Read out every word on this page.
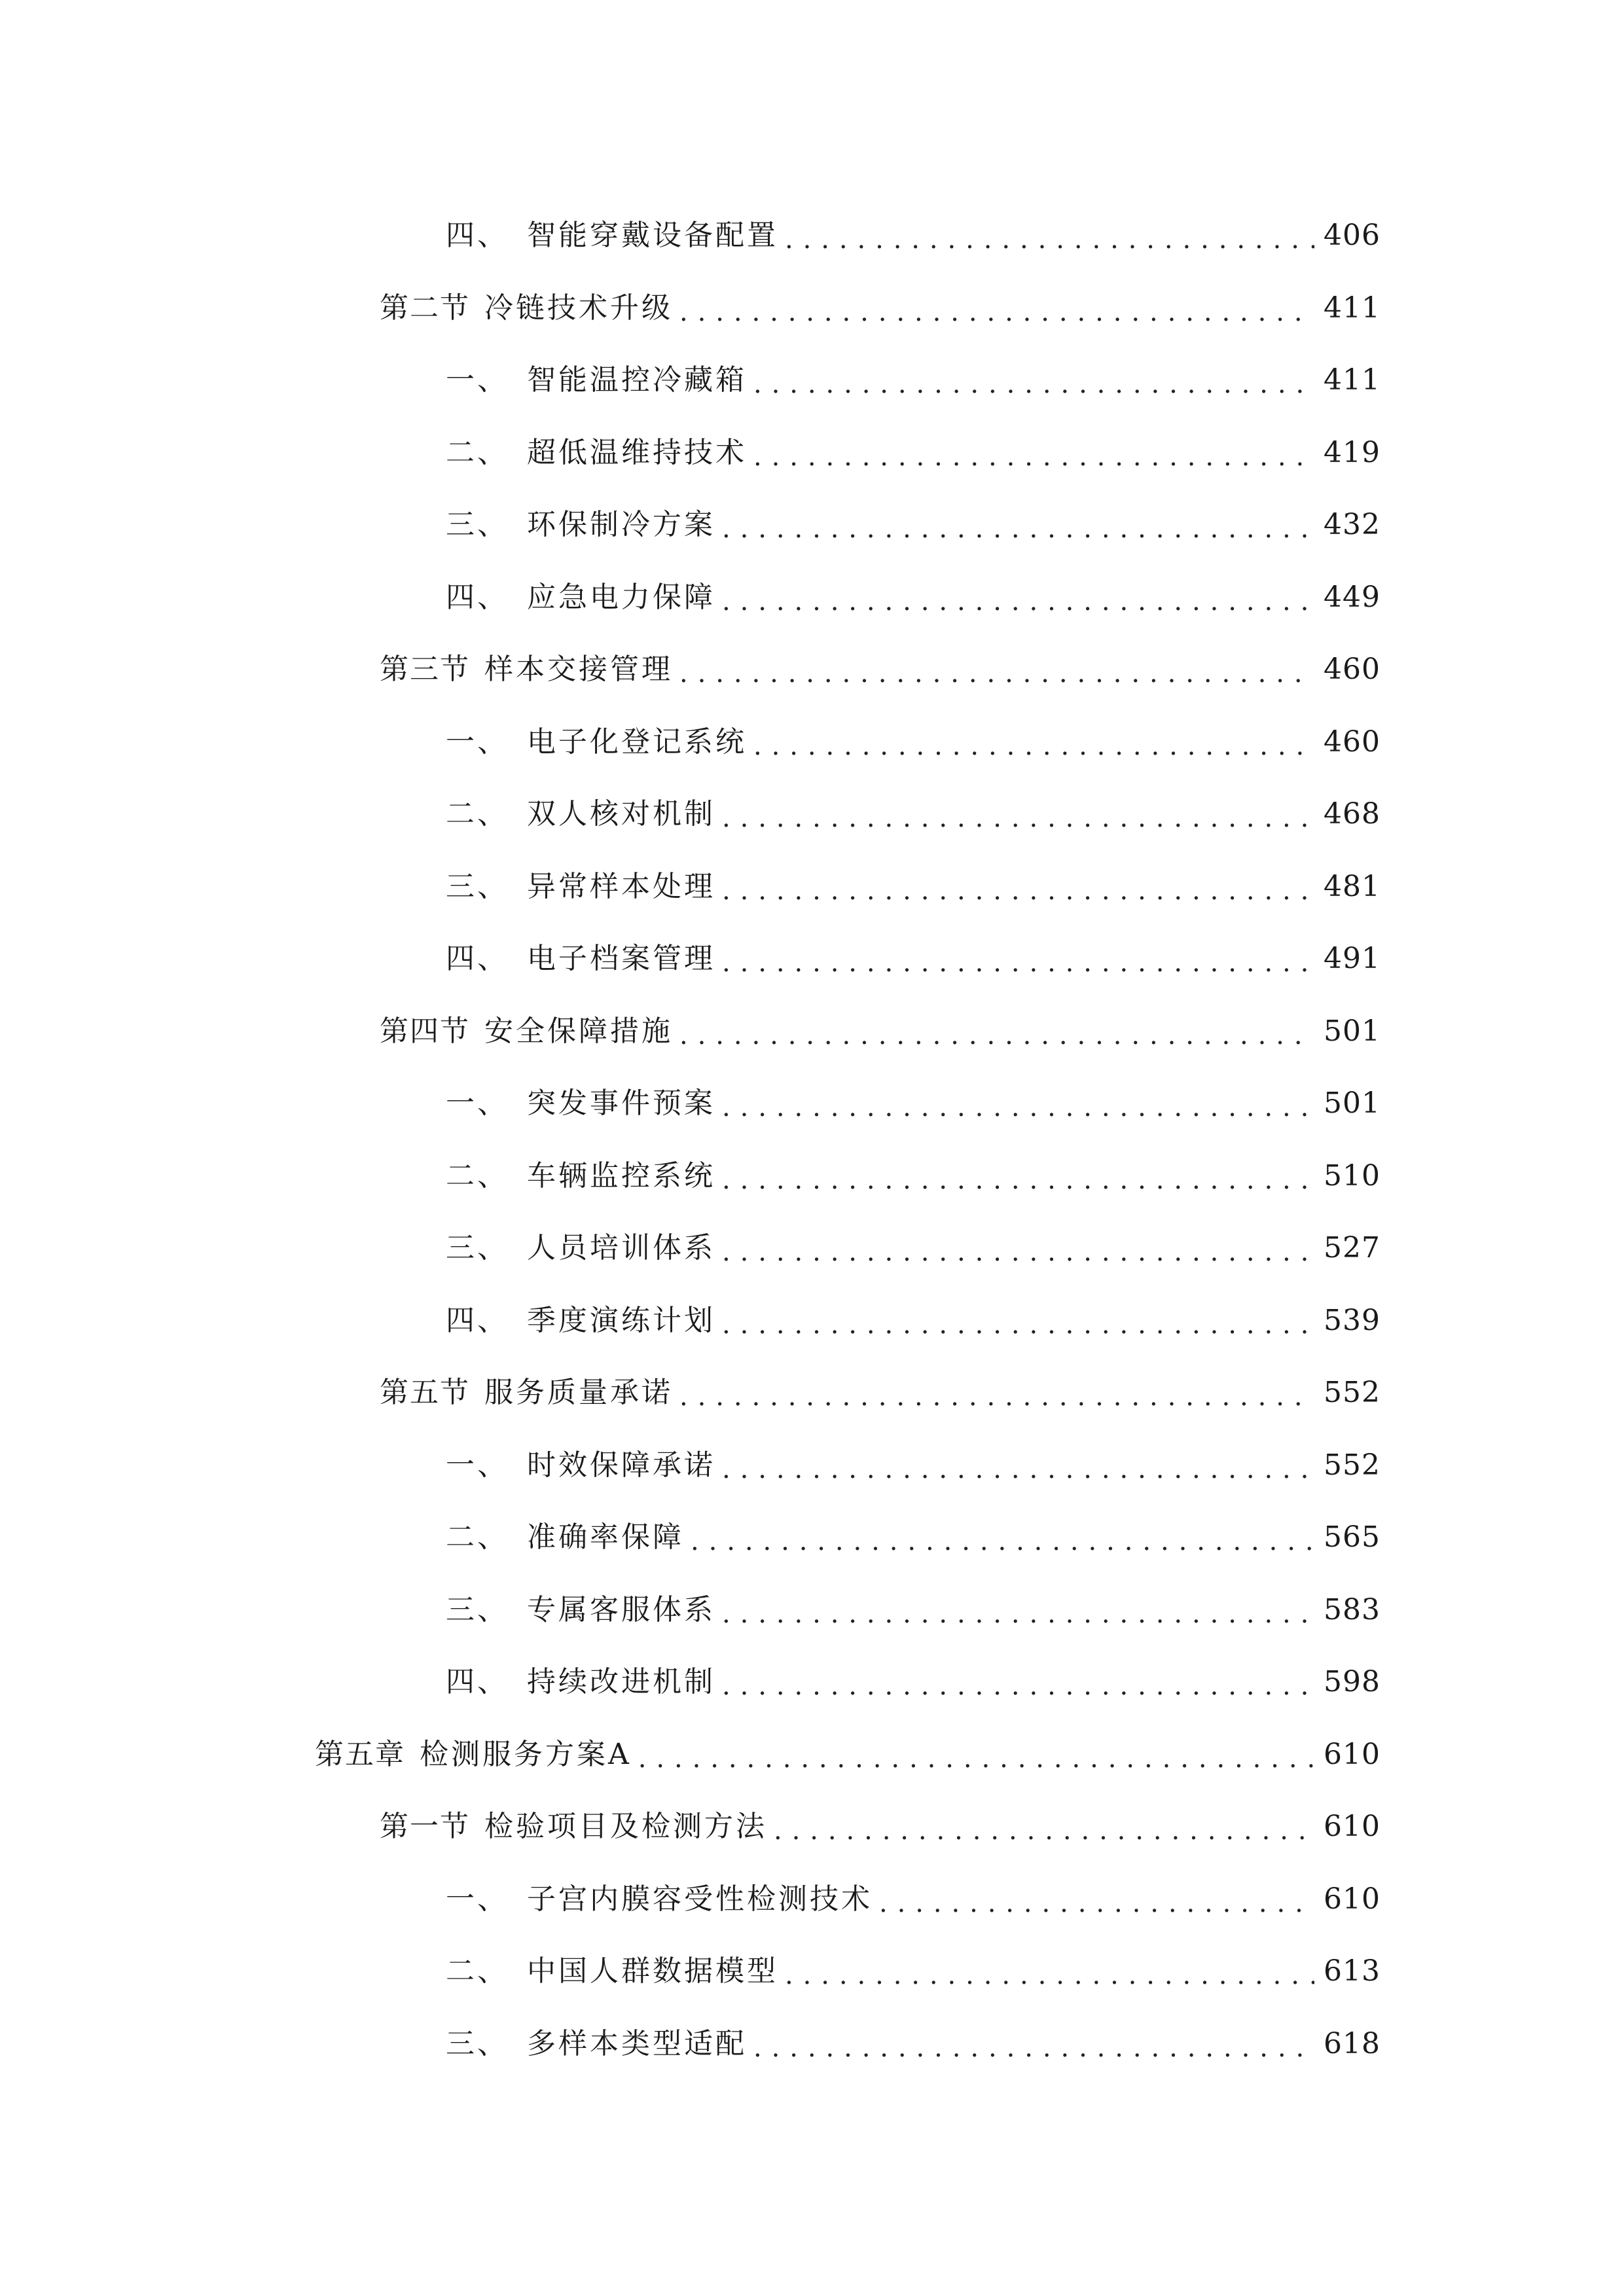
四、 智能穿戴设备配置 .....	406
第二节 冷链技术升级 .....	411
一、 智能温控冷藏箱 .....	411
二、 超低温维持技术 .....	419
三、 环保制冷方案 .....	432
四、 应急电力保障 .....	449
第三节 样本交接管理 .....	460
一、 电子化登记系统 .....	460
二、 双人核对机制 .....	468
三、 异常样本处理 .....	481
四、 电子档案管理 .....	491
第四节 安全保障措施 .....	501
一、 突发事件预案 .....	501
二、 车辆监控系统 .....	510
三、 人员培训体系 .....	527
四、 季度演练计划 .....	539
第五节 服务质量承诺 .....	552
一、 时效保障承诺 .....	552
二、 准确率保障 .....	565
三、 专属客服体系 .....	583
四、 持续改进机制 .....	598
第五章 检测服务方案A .....	610
第一节 检验项目及检测方法 .....	610
一、 子宫内膜容受性检测技术 .....	610
二、 中国人群数据模型 .....	613
三、 多样本类型适配 .....	618
